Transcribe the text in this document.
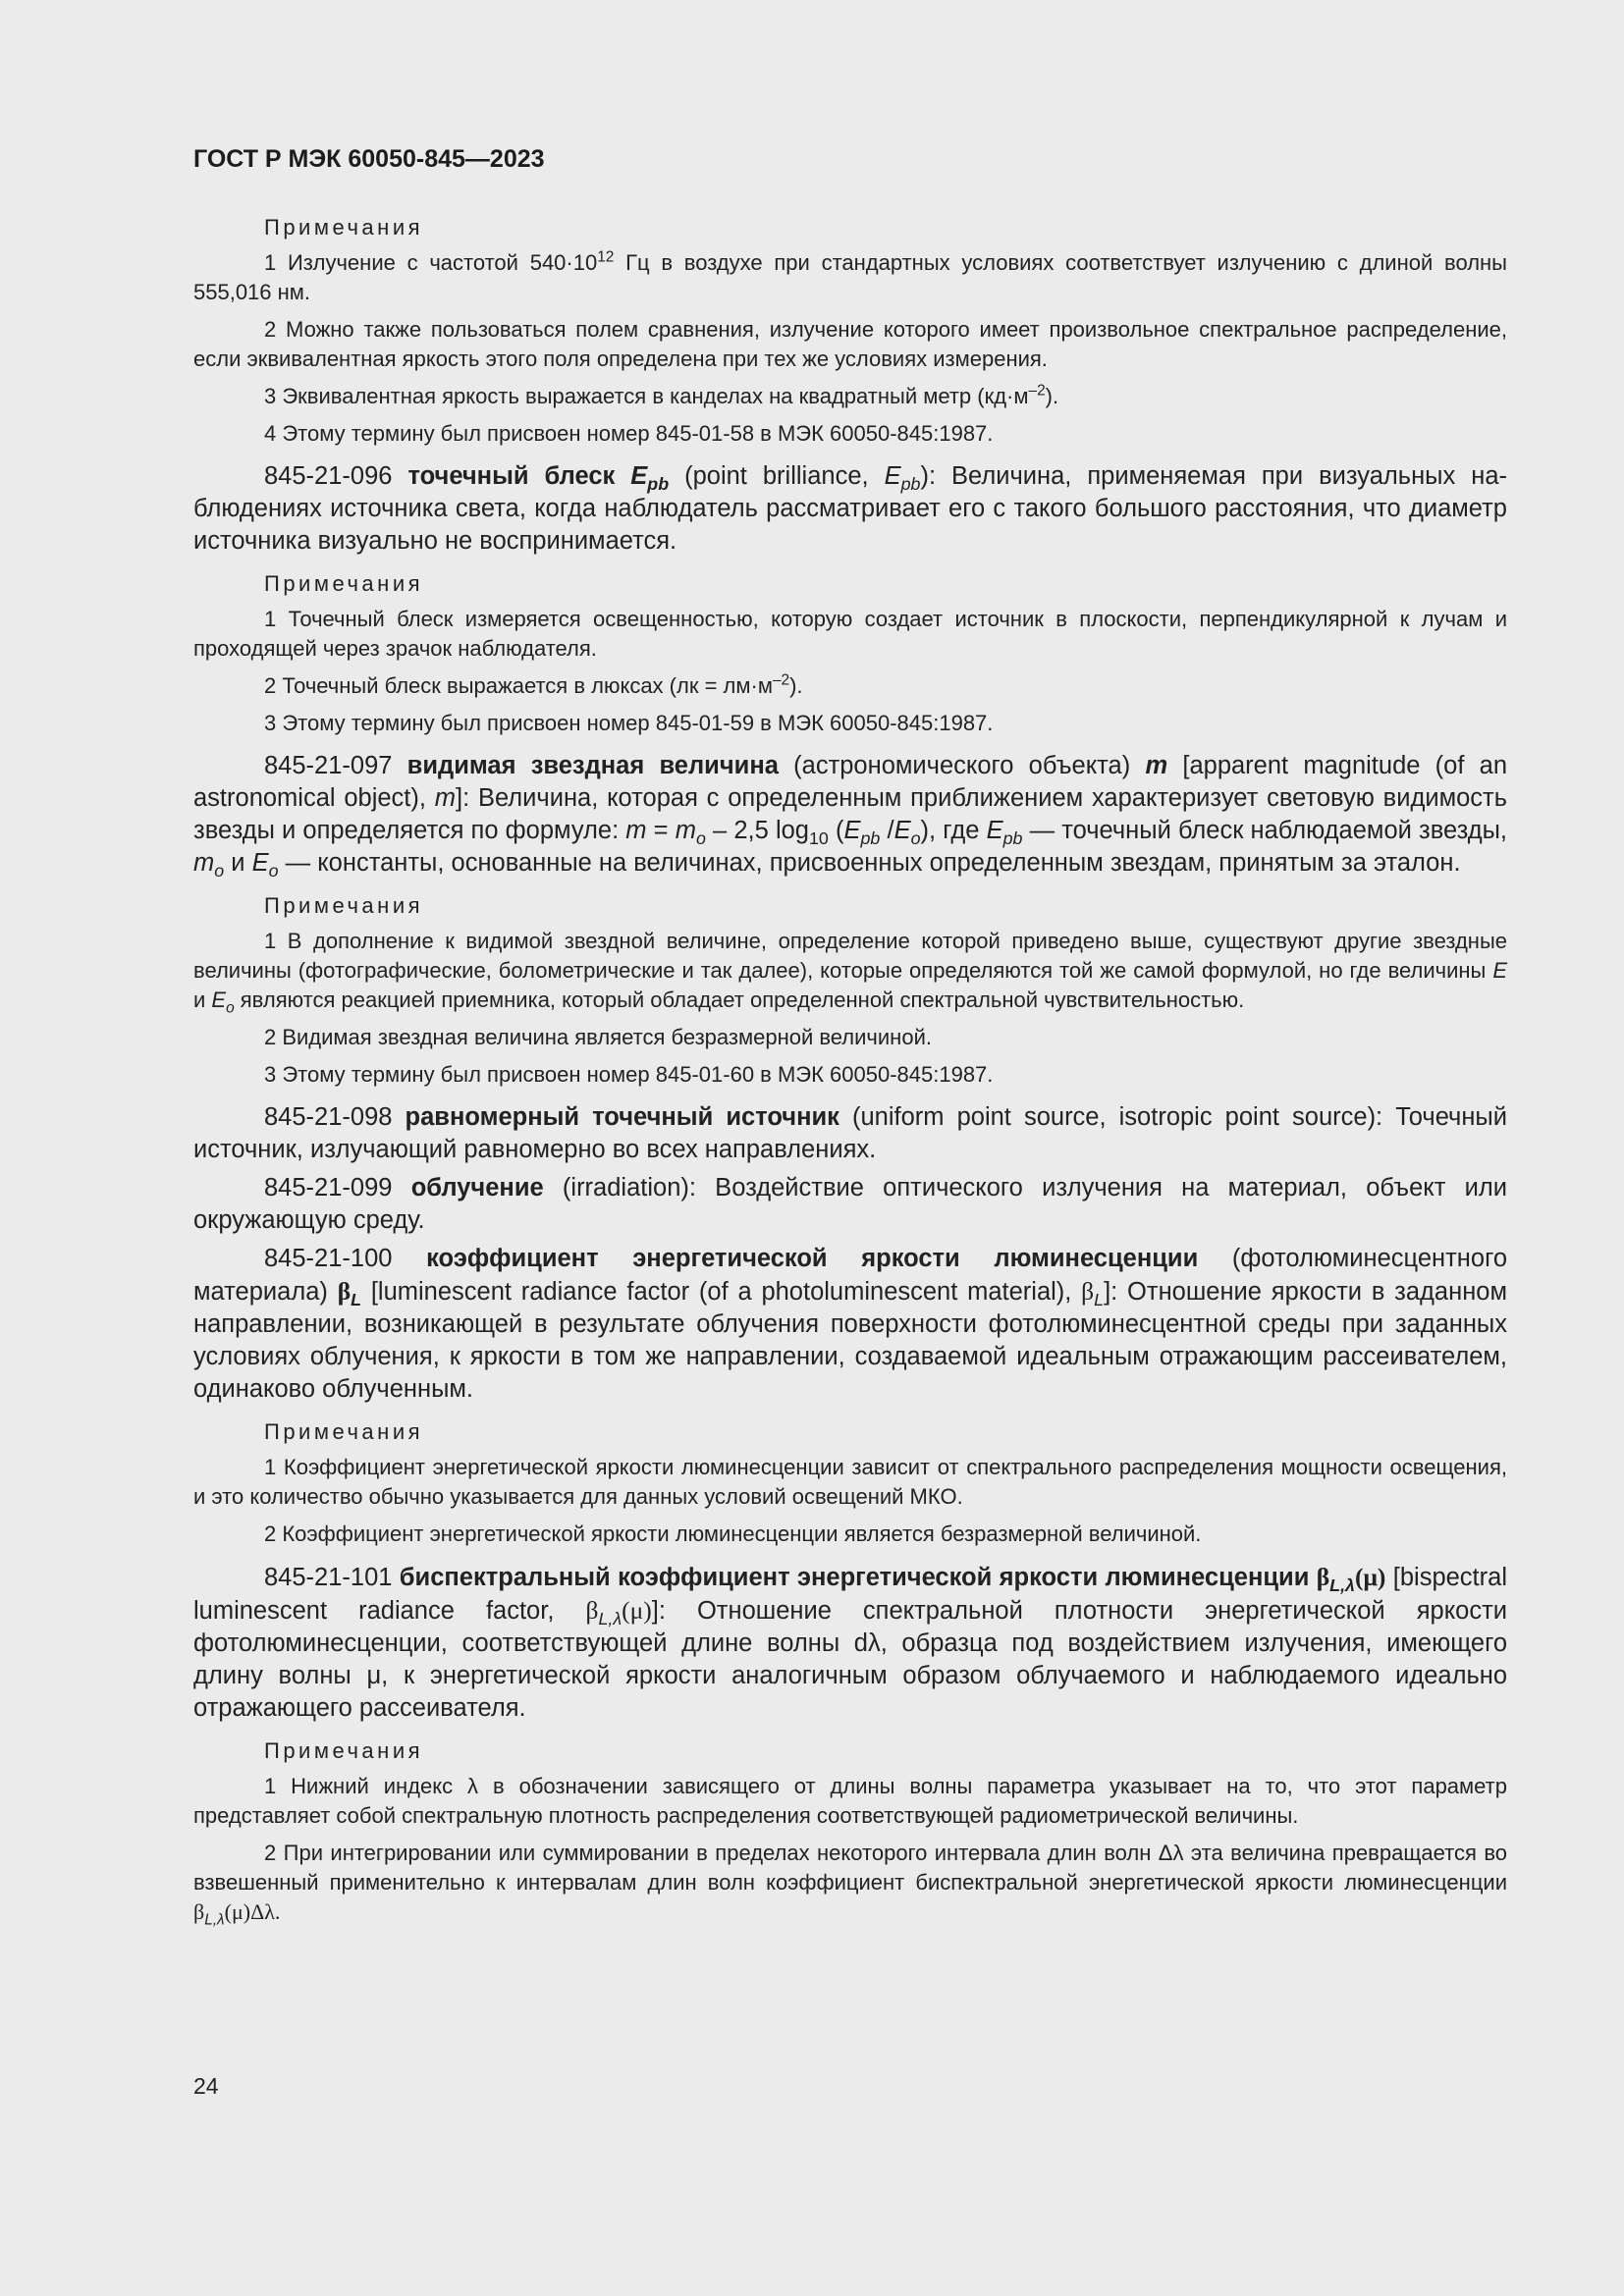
ГОСТ Р МЭК 60050-845—2023
Примечания

1 Излучение с частотой $540\cdot 10^{12}$ Гц в воздухе при стандартных условиях соответствует излучению с длиной волны 555,016 нм.

2 Можно также пользоваться полем сравнения, излучение которого имеет произвольное спектральное распределение, если эквивалентная яркость этого поля определена при тех же условиях измерения.

3 Эквивалентная яркость выражается в канделах на квадратный метр $(кд\cdot м^{-2})$.

4 Этому термину был присвоен номер 845-01-58 в МЭК 60050-845:1987.

845-21-096 точечный блеск $E_{pb}$ (point brilliance, $E_{pb}$): Величина, применяемая при визуальных наблюдениях источника света, когда наблюдатель рассматривает его с такого большого расстояния, что диаметр источника визуально не воспринимается.

Примечания

1 Точечный блеск измеряется освещенностью, которую создает источник в плоскости, перпендикулярной к лучам и проходящей через зрачок наблюдателя.

2 Точечный блеск выражается в люксах $(лк = лм\cdot м^{-2})$.

3 Этому термину был присвоен номер 845-01-59 в МЭК 60050-845:1987.

845-21-097 видимая звездная величина (астрономического объекта) m [apparent magnitude (of an astronomical object), m]: Величина, которая с определенным приближением характеризует световую видимость звезды и определяется по формуле: $m = m_o - 2,5$ $\log_{10} (E_{pb}$ $/E_o$), где $E_{pb}$ — точечный блеск наблюдаемой звезды, $m_o$ и $E_o$ — константы, основанные на величинах, присвоенных определенным звездам, принятым за эталон.

Примечания

1 В дополнение к видимой звездной величине, определение которой приведено выше, существуют другие звездные величины (фотографические, болометрические и так далее), которые определяются той же самой формулой, но где величины E и $E_o$ являются реакцией приемника, который обладает определенной спектральной чувствительностью.

2 Видимая звездная величина является безразмерной величиной.

3 Этому термину был присвоен номер 845-01-60 в МЭК 60050-845:1987.

845-21-098 равномерный точечный источник (uniform point source, isotropic point source): Точечный источник, излучающий равномерно во всех направлениях.

845-21-099 облучение (irradiation): Воздействие оптического излучения на материал, объект или окружающую среду.

845-21-100 коэффициент энергетической яркости люминесценции (фотолюминесцентного материала) $\beta_L$ [luminescent radiance factor (of a photoluminescent material), $\beta_L$]: Отношение яркости в заданном направлении, возникающей в результате облучения поверхности фотолюминесцентной среды при заданных условиях облучения, к яркости в том же направлении, создаваемой идеальным отражающим рассеивателем, одинаково облученным.

Примечания

1 Коэффициент энергетической яркости люминесценции зависит от спектрального распределения мощности освещения, и это количество обычно указывается для данных условий освещений МКО.

2 Коэффициент энергетической яркости люминесценции является безразмерной величиной.

845-21-101 биспектральный коэффициент энергетической яркости люминесценции $\beta_{L,\lambda}(\mu)$ [bispectral luminescent radiance factor, $\beta_{L,\lambda}(\mu)$]: Отношение спектральной плотности энергетической яркости фотолюминесценции, соответствующей длине волны dλ, образца под воздействием излучения, имеющего длину волны μ, к энергетической яркости аналогичным образом облучаемого и наблюдаемого идеально отражающего рассеивателя.

Примечания

1 Нижний индекс λ в обозначении зависящего от длины волны параметра указывает на то, что этот параметр представляет собой спектральную плотность распределения соответствующей радиометрической величины.

2 При интегрировании или суммировании в пределах некоторого интервала длин волн Δλ эта величина превращается во взвешенный применительно к интервалам длин волн коэффициент биспектральной энергетической яркости люминесценции $\beta_{L,\lambda}(\mu)\Delta\lambda$.

24
